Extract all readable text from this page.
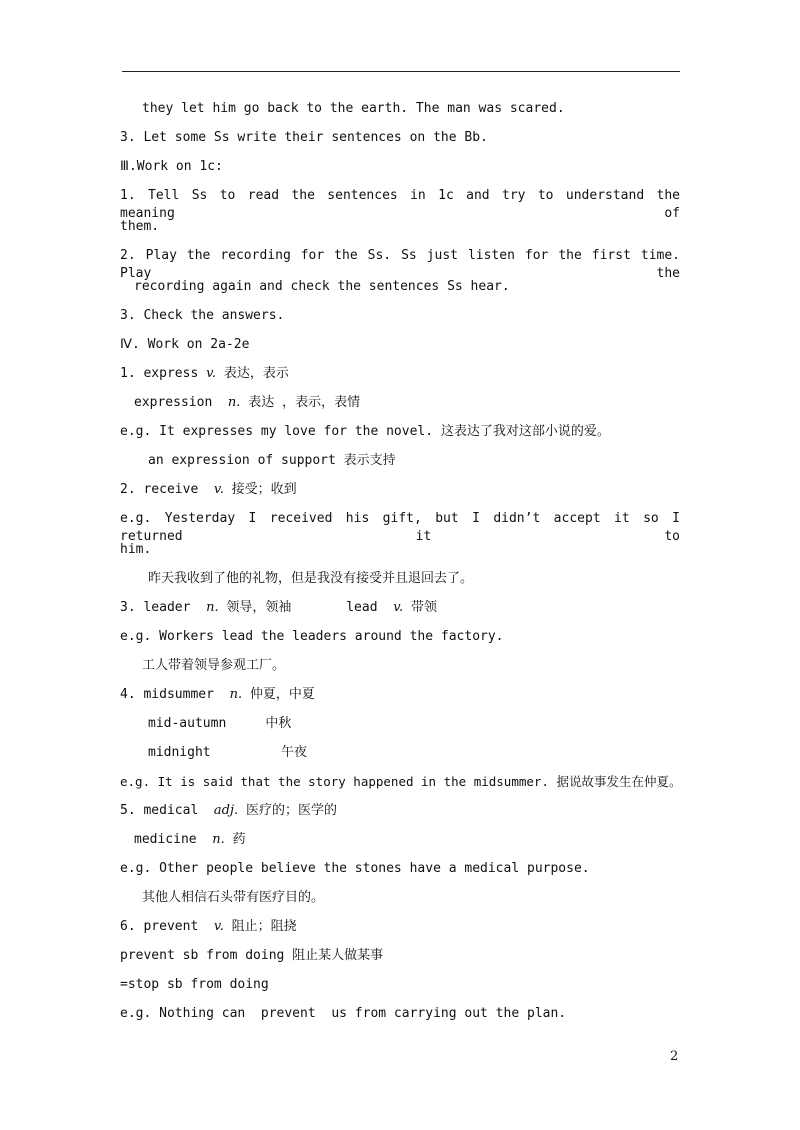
they let him go back to the earth. The man was scared.
3. Let some Ss write their sentences on the Bb.
Ⅲ.Work on 1c:
1. Tell Ss to read the sentences in 1c and try to understand the meaning of
them.
2. Play the recording for the Ss. Ss just listen for the first time. Play the
recording again and check the sentences Ss hear.
3. Check the answers.
Ⅳ. Work on 2a-2e
1. express v. 表达，表示
expression  n. 表达 ，表示，表情
e.g. It expresses my love for the novel. 这表达了我对这部小说的爱。
an expression of support 表示支持
2. receive  v. 接受；收到
e.g. Yesterday I received his gift, but I didn’t accept it so I returned it to
him.
昨天我收到了他的礼物，但是我没有接受并且退回去了。
3. leader  n. 领导，领袖       lead  v. 带领
e.g. Workers lead the leaders around the factory.
工人带着领导参观工厂。
4. midsummer  n. 仲夏，中夏
mid-autumn     中秋
midnight         午夜
e.g. It is said that the story happened in the midsummer. 据说故事发生在仲夏。
5. medical  adj. 医疗的；医学的
medicine  n. 药
e.g. Other people believe the stones have a medical purpose.
其他人相信石头带有医疗目的。
6. prevent  v. 阻止；阻挠
prevent sb from doing 阻止某人做某事
=stop sb from doing
e.g. Nothing can  prevent  us from carrying out the plan.
2
